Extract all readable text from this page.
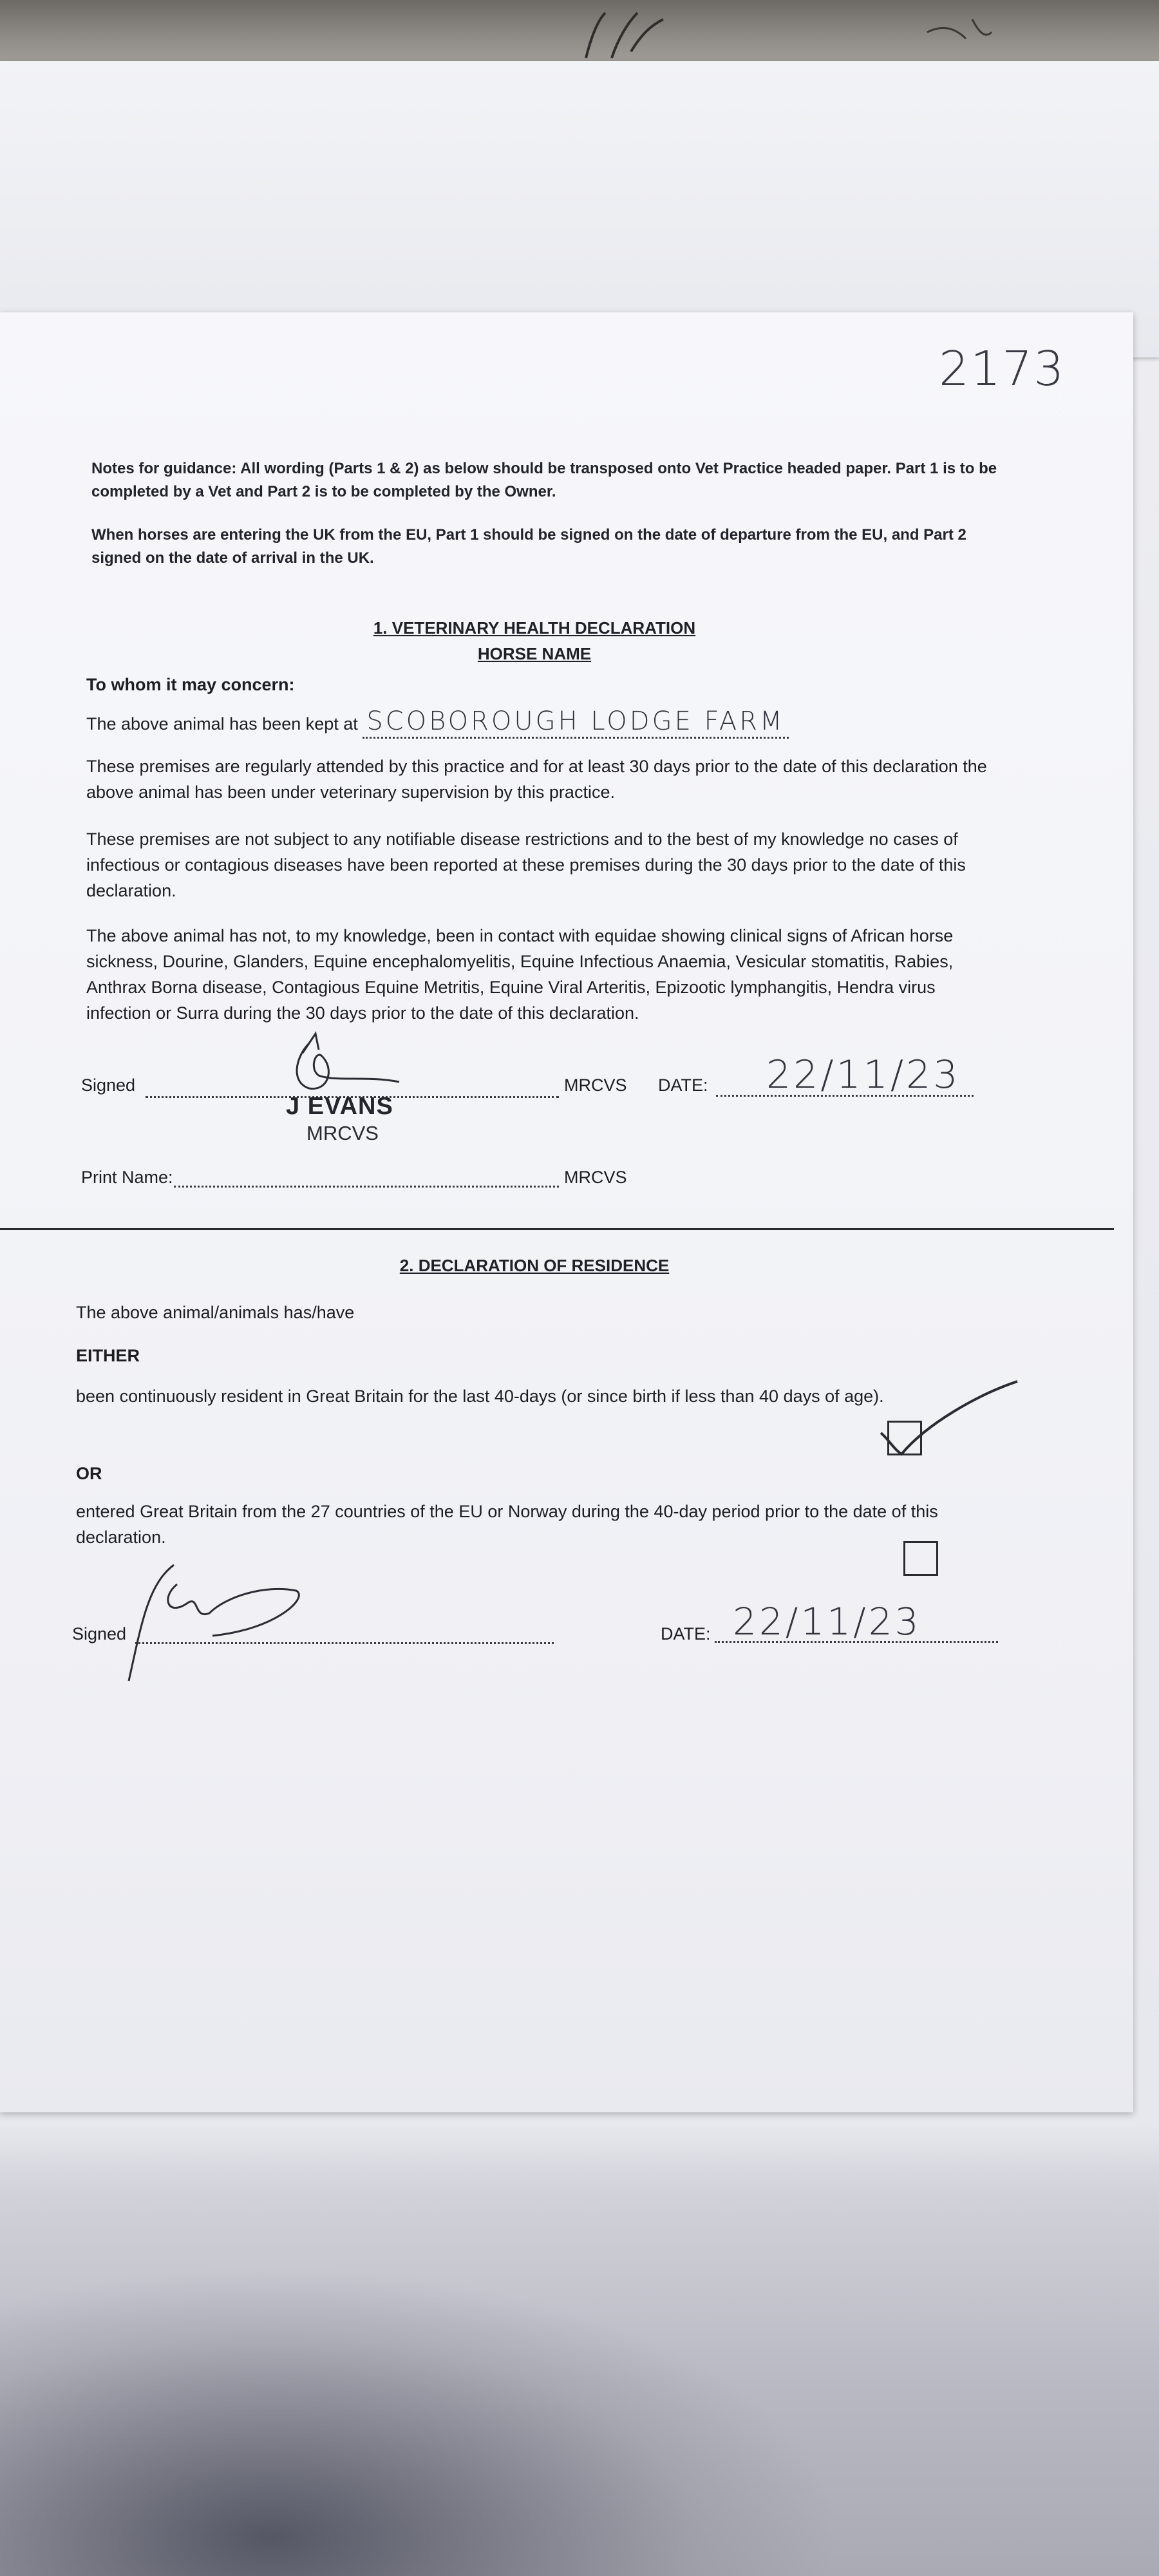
2173
Notes for guidance: All wording (Parts 1 & 2) as below should be transposed onto Vet Practice headed paper. Part 1 is to be completed by a Vet and Part 2 is to be completed by the Owner.
When horses are entering the UK from the EU, Part 1 should be signed on the date of departure from the EU, and Part 2 signed on the date of arrival in the UK.
1. VETERINARY HEALTH DECLARATION
HORSE NAME
To whom it may concern:
The above animal has been kept at SCOBOROUGH LODGE FARM
These premises are regularly attended by this practice and for at least 30 days prior to the date of this declaration the above animal has been under veterinary supervision by this practice.
These premises are not subject to any notifiable disease restrictions and to the best of my knowledge no cases of infectious or contagious diseases have been reported at these premises during the 30 days prior to the date of this declaration.
The above animal has not, to my knowledge, been in contact with equidae showing clinical signs of African horse sickness, Dourine, Glanders, Equine encephalomyelitis, Equine Infectious Anaemia, Vesicular stomatitis, Rabies, Anthrax Borna disease, Contagious Equine Metritis, Equine Viral Arteritis, Epizootic lymphangitis, Hendra virus infection or Surra during the 30 days prior to the date of this declaration.
Signed
J EVANS
MRCVS
MRCVS DATE: 22/11/23
Print Name:	MRCVS
2. DECLARATION OF RESIDENCE
The above animal/animals has/have
EITHER
been continuously resident in Great Britain for the last 40-days (or since birth if less than 40 days of age).
OR
entered Great Britain from the 27 countries of the EU or Norway during the 40-day period prior to the date of this declaration.
Signed	DATE: 22/11/23
